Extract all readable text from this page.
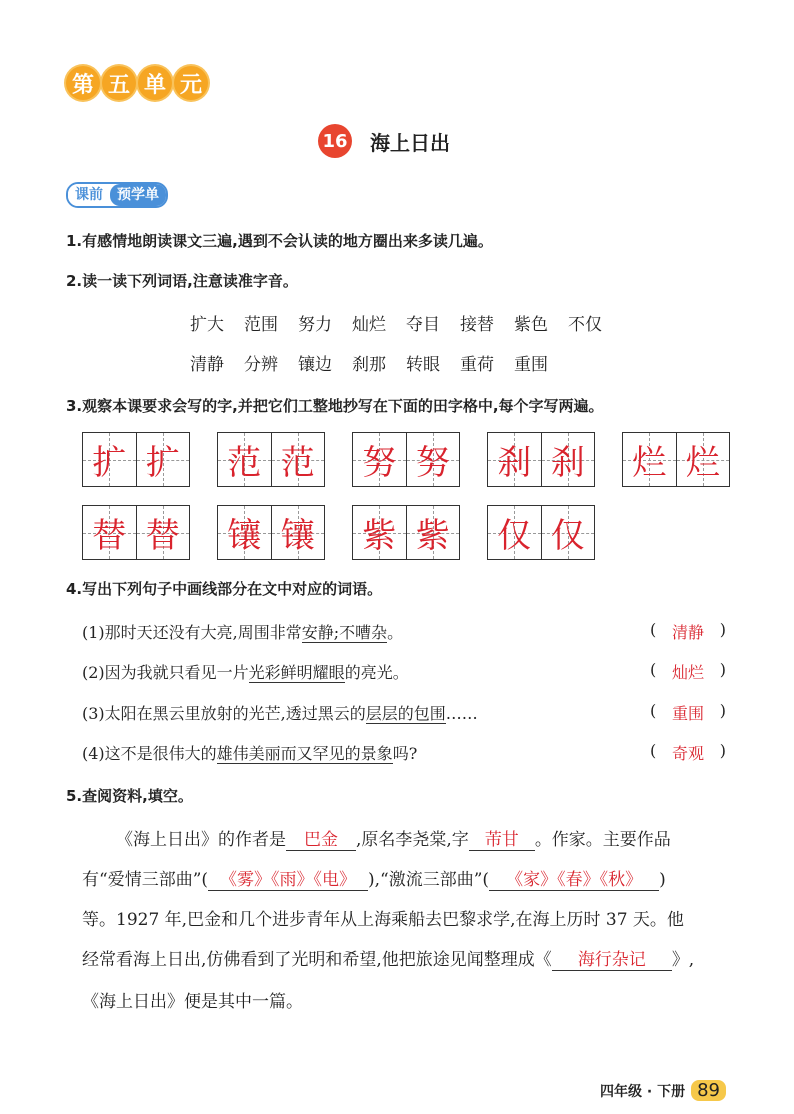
第 五 单 元
16 海上日出
课前	预学单
1.有感情地朗读课文三遍,遇到不会认读的地方圈出来多读几遍。
2.读一读下列词语,注意读准字音。
扩大 范围 努力 灿烂 夺目 接替 紫色 不仅
清静 分辨 镶边 刹那 转眼 重荷 重围
3.观察本课要求会写的字,并把它们工整地抄写在下面的田字格中,每个字写两遍。
扩 扩 范 范 努 努 刹 刹 烂 烂
替 替 镶 镶 紫 紫 仅 仅
4.写出下列句子中画线部分在文中对应的词语。
(1)那时天还没有大亮,周围非常安静;不嘈杂。	( 清静 )
(2)因为我就只看见一片光彩鲜明耀眼的亮光。	( 灿烂 )
(3)太阳在黑云里放射的光芒,透过黑云的层层的包围……	( 重围 )
(4)这不是很伟大的雄伟美丽而又罕见的景象吗?	( 奇观 )
5.查阅资料,填空。
《海上日出》的作者是 巴金 ,原名李尧棠,字 芾甘 。作家。主要作品
有“爱情三部曲”( 《雾》《雨》《电》 ),“激流三部曲”( 《家》《春》《秋》 )
等。1927 年,巴金和几个进步青年从上海乘船去巴黎求学,在海上历时 37 天。他
经常看海上日出,仿佛看到了光明和希望,他把旅途见闻整理成《 海行杂记 》,
《海上日出》便是其中一篇。
四年级 · 下册 89
